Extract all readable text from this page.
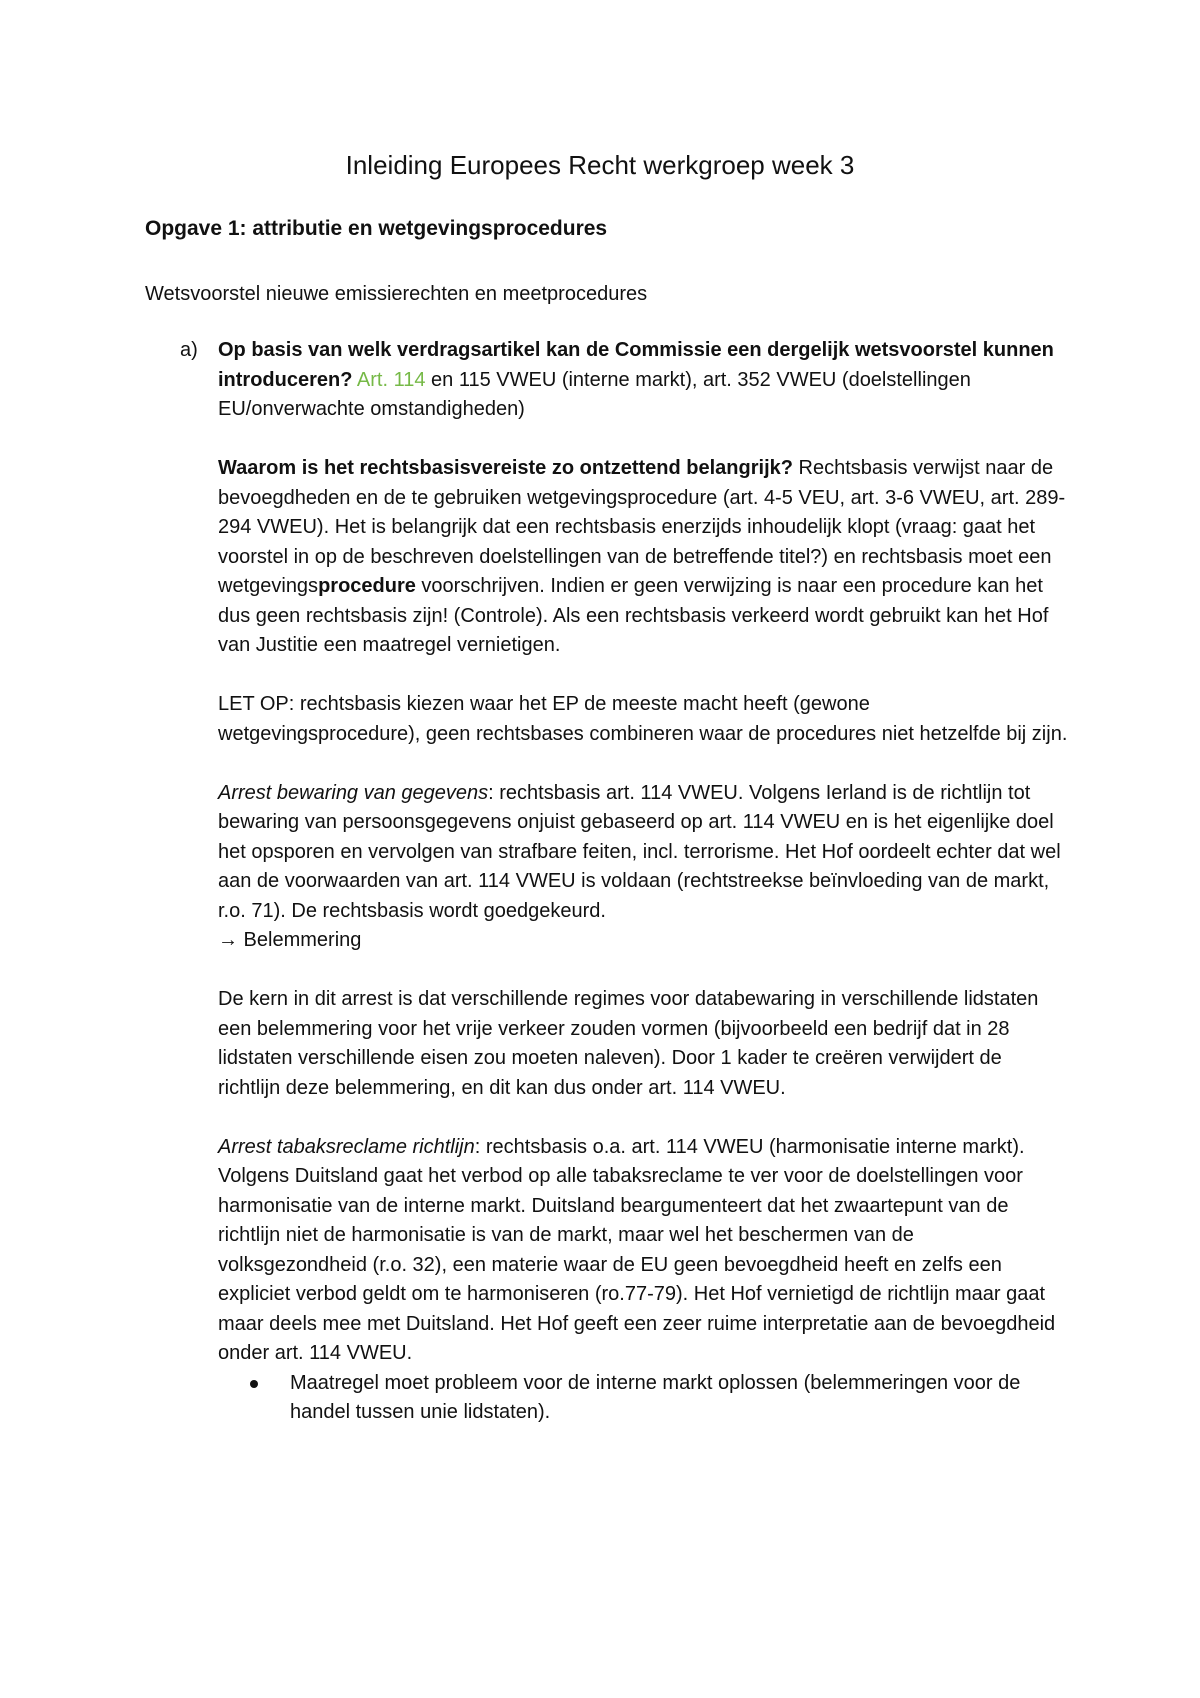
Inleiding Europees Recht werkgroep week 3
Opgave 1: attributie en wetgevingsprocedures

Wetsvoorstel nieuwe emissierechten en meetprocedures

a) Op basis van welk verdragsartikel kan de Commissie een dergelijk wetsvoorstel kunnen introduceren? Art. 114 en 115 VWEU (interne markt), art. 352 VWEU (doelstellingen EU/onverwachte omstandigheden)

Waarom is het rechtsbasisvereiste zo ontzettend belangrijk? Rechtsbasis verwijst naar de bevoegdheden en de te gebruiken wetgevingsprocedure (art. 4-5 VEU, art. 3-6 VWEU, art. 289-294 VWEU). Het is belangrijk dat een rechtsbasis enerzijds inhoudelijk klopt (vraag: gaat het voorstel in op de beschreven doelstellingen van de betreffende titel?) en rechtsbasis moet een wetgevingsprocedure voorschrijven. Indien er geen verwijzing is naar een procedure kan het dus geen rechtsbasis zijn! (Controle). Als een rechtsbasis verkeerd wordt gebruikt kan het Hof van Justitie een maatregel vernietigen.

LET OP: rechtsbasis kiezen waar het EP de meeste macht heeft (gewone wetgevingsprocedure), geen rechtsbases combineren waar de procedures niet hetzelfde bij zijn.

Arrest bewaring van gegevens: rechtsbasis art. 114 VWEU. Volgens Ierland is de richtlijn tot bewaring van persoonsgegevens onjuist gebaseerd op art. 114 VWEU en is het eigenlijke doel het opsporen en vervolgen van strafbare feiten, incl. terrorisme. Het Hof oordeelt echter dat wel aan de voorwaarden van art. 114 VWEU is voldaan (rechtstreekse beïnvloeding van de markt, r.o. 71). De rechtsbasis wordt goedgekeurd.

→ Belemmering

De kern in dit arrest is dat verschillende regimes voor databewaring in verschillende lidstaten een belemmering voor het vrije verkeer zouden vormen (bijvoorbeeld een bedrijf dat in 28 lidstaten verschillende eisen zou moeten naleven). Door 1 kader te creëren verwijdert de richtlijn deze belemmering, en dit kan dus onder art. 114 VWEU.

Arrest tabaksreclame richtlijn: rechtsbasis o.a. art. 114 VWEU (harmonisatie interne markt). Volgens Duitsland gaat het verbod op alle tabaksreclame te ver voor de doelstellingen voor harmonisatie van de interne markt. Duitsland beargumenteert dat het zwaartepunt van de richtlijn niet de harmonisatie is van de markt, maar wel het beschermen van de volksgezondheid (r.o. 32), een materie waar de EU geen bevoegdheid heeft en zelfs een expliciet verbod geldt om te harmoniseren (ro.77-79). Het Hof vernietigd de richtlijn maar gaat maar deels mee met Duitsland. Het Hof geeft een zeer ruime interpretatie aan de bevoegdheid onder art. 114 VWEU.

Maatregel moet probleem voor de interne markt oplossen (belemmeringen voor de handel tussen unie lidstaten).
